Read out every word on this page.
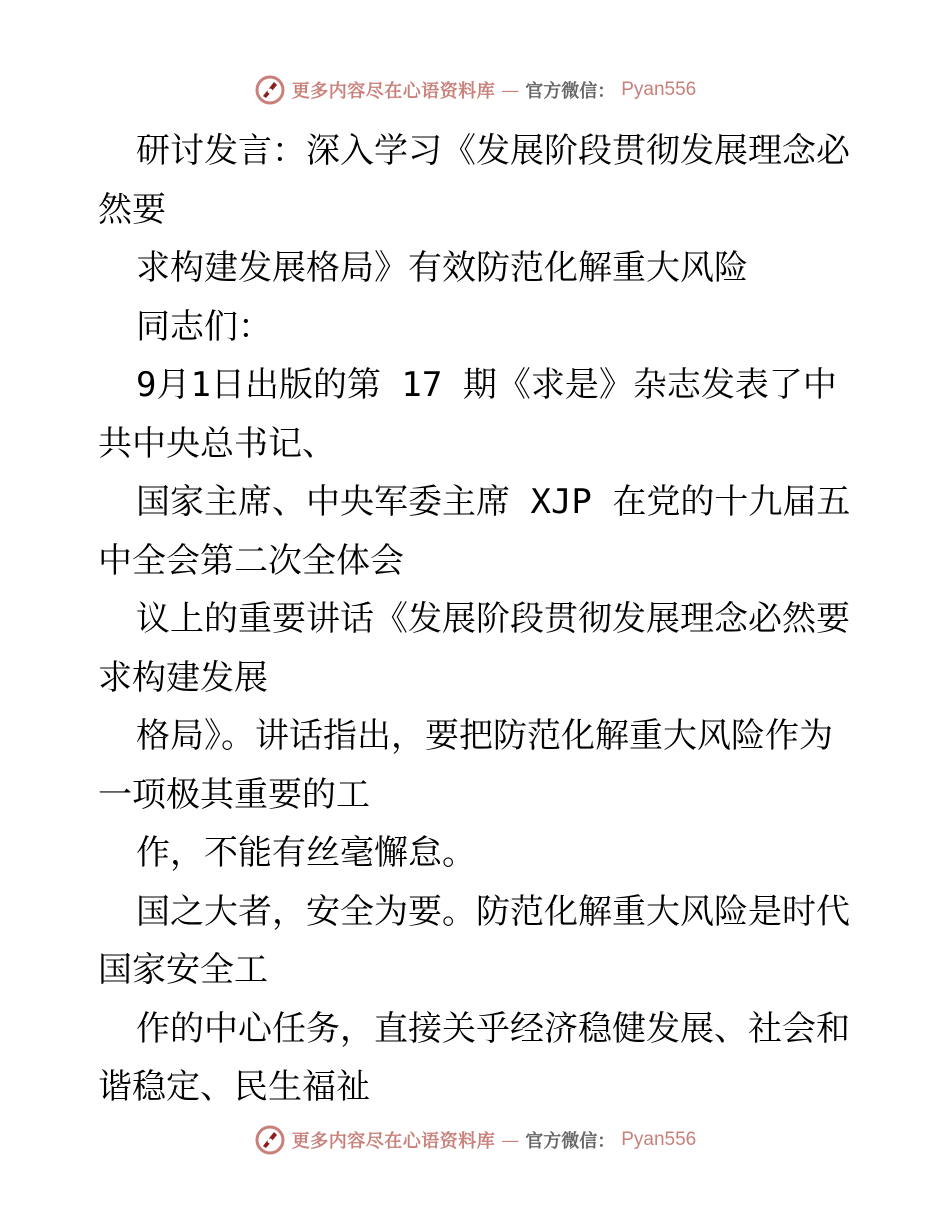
更多内容尽在心语资料库 — 官方微信： Pyan556
研讨发言：深入学习《发展阶段贯彻发展理念必
然要
求构建发展格局》有效防范化解重大风险
同志们：
9月1日出版的第 17 期《求是》杂志发表了中
共中央总书记、
国家主席、中央军委主席 XJP 在党的十九届五
中全会第二次全体会
议上的重要讲话《发展阶段贯彻发展理念必然要
求构建发展
格局》。讲话指出，要把防范化解重大风险作为
一项极其重要的工
作，不能有丝毫懈怠。
国之大者，安全为要。防范化解重大风险是时代
国家安全工
作的中心任务，直接关乎经济稳健发展、社会和
谐稳定、民生福祉
更多内容尽在心语资料库 — 官方微信： Pyan556
